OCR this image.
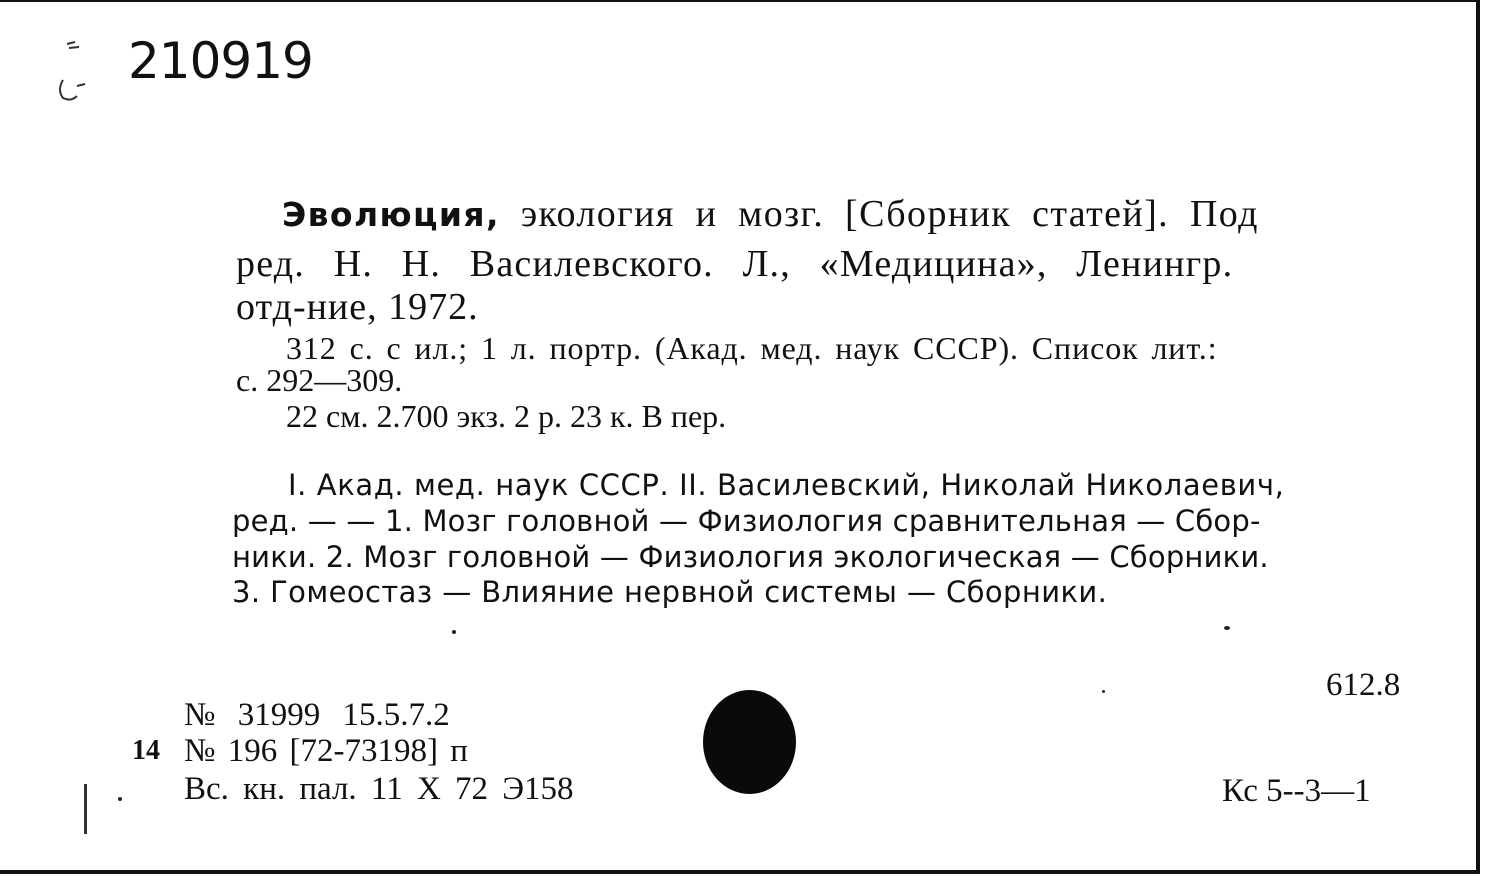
210919
Эволюция, экология и мозг. [Сборник статей]. Под
ред. Н. Н. Василевского. Л., «Медицина», Ленингр.
отд-ние, 1972.
312 с. с ил.; 1 л. портр. (Акад. мед. наук СССР). Список лит.:
с. 292—309.
22 см. 2.700 экз. 2 р. 23 к. В пер.
I. Акад. мед. наук СССР. II. Василевский, Николай Николаевич,
ред. — — 1. Мозг головной — Физиология сравнительная — Сбор-
ники. 2. Мозг головной — Физиология экологическая — Сборники.
3. Гомеостаз — Влияние нервной системы — Сборники.
612.8
№ 31999 15.5.7.2
14 № 196 [72-73198] п
Вс. кн. пал. 11 X 72 Э158	Кс 5--3—1
